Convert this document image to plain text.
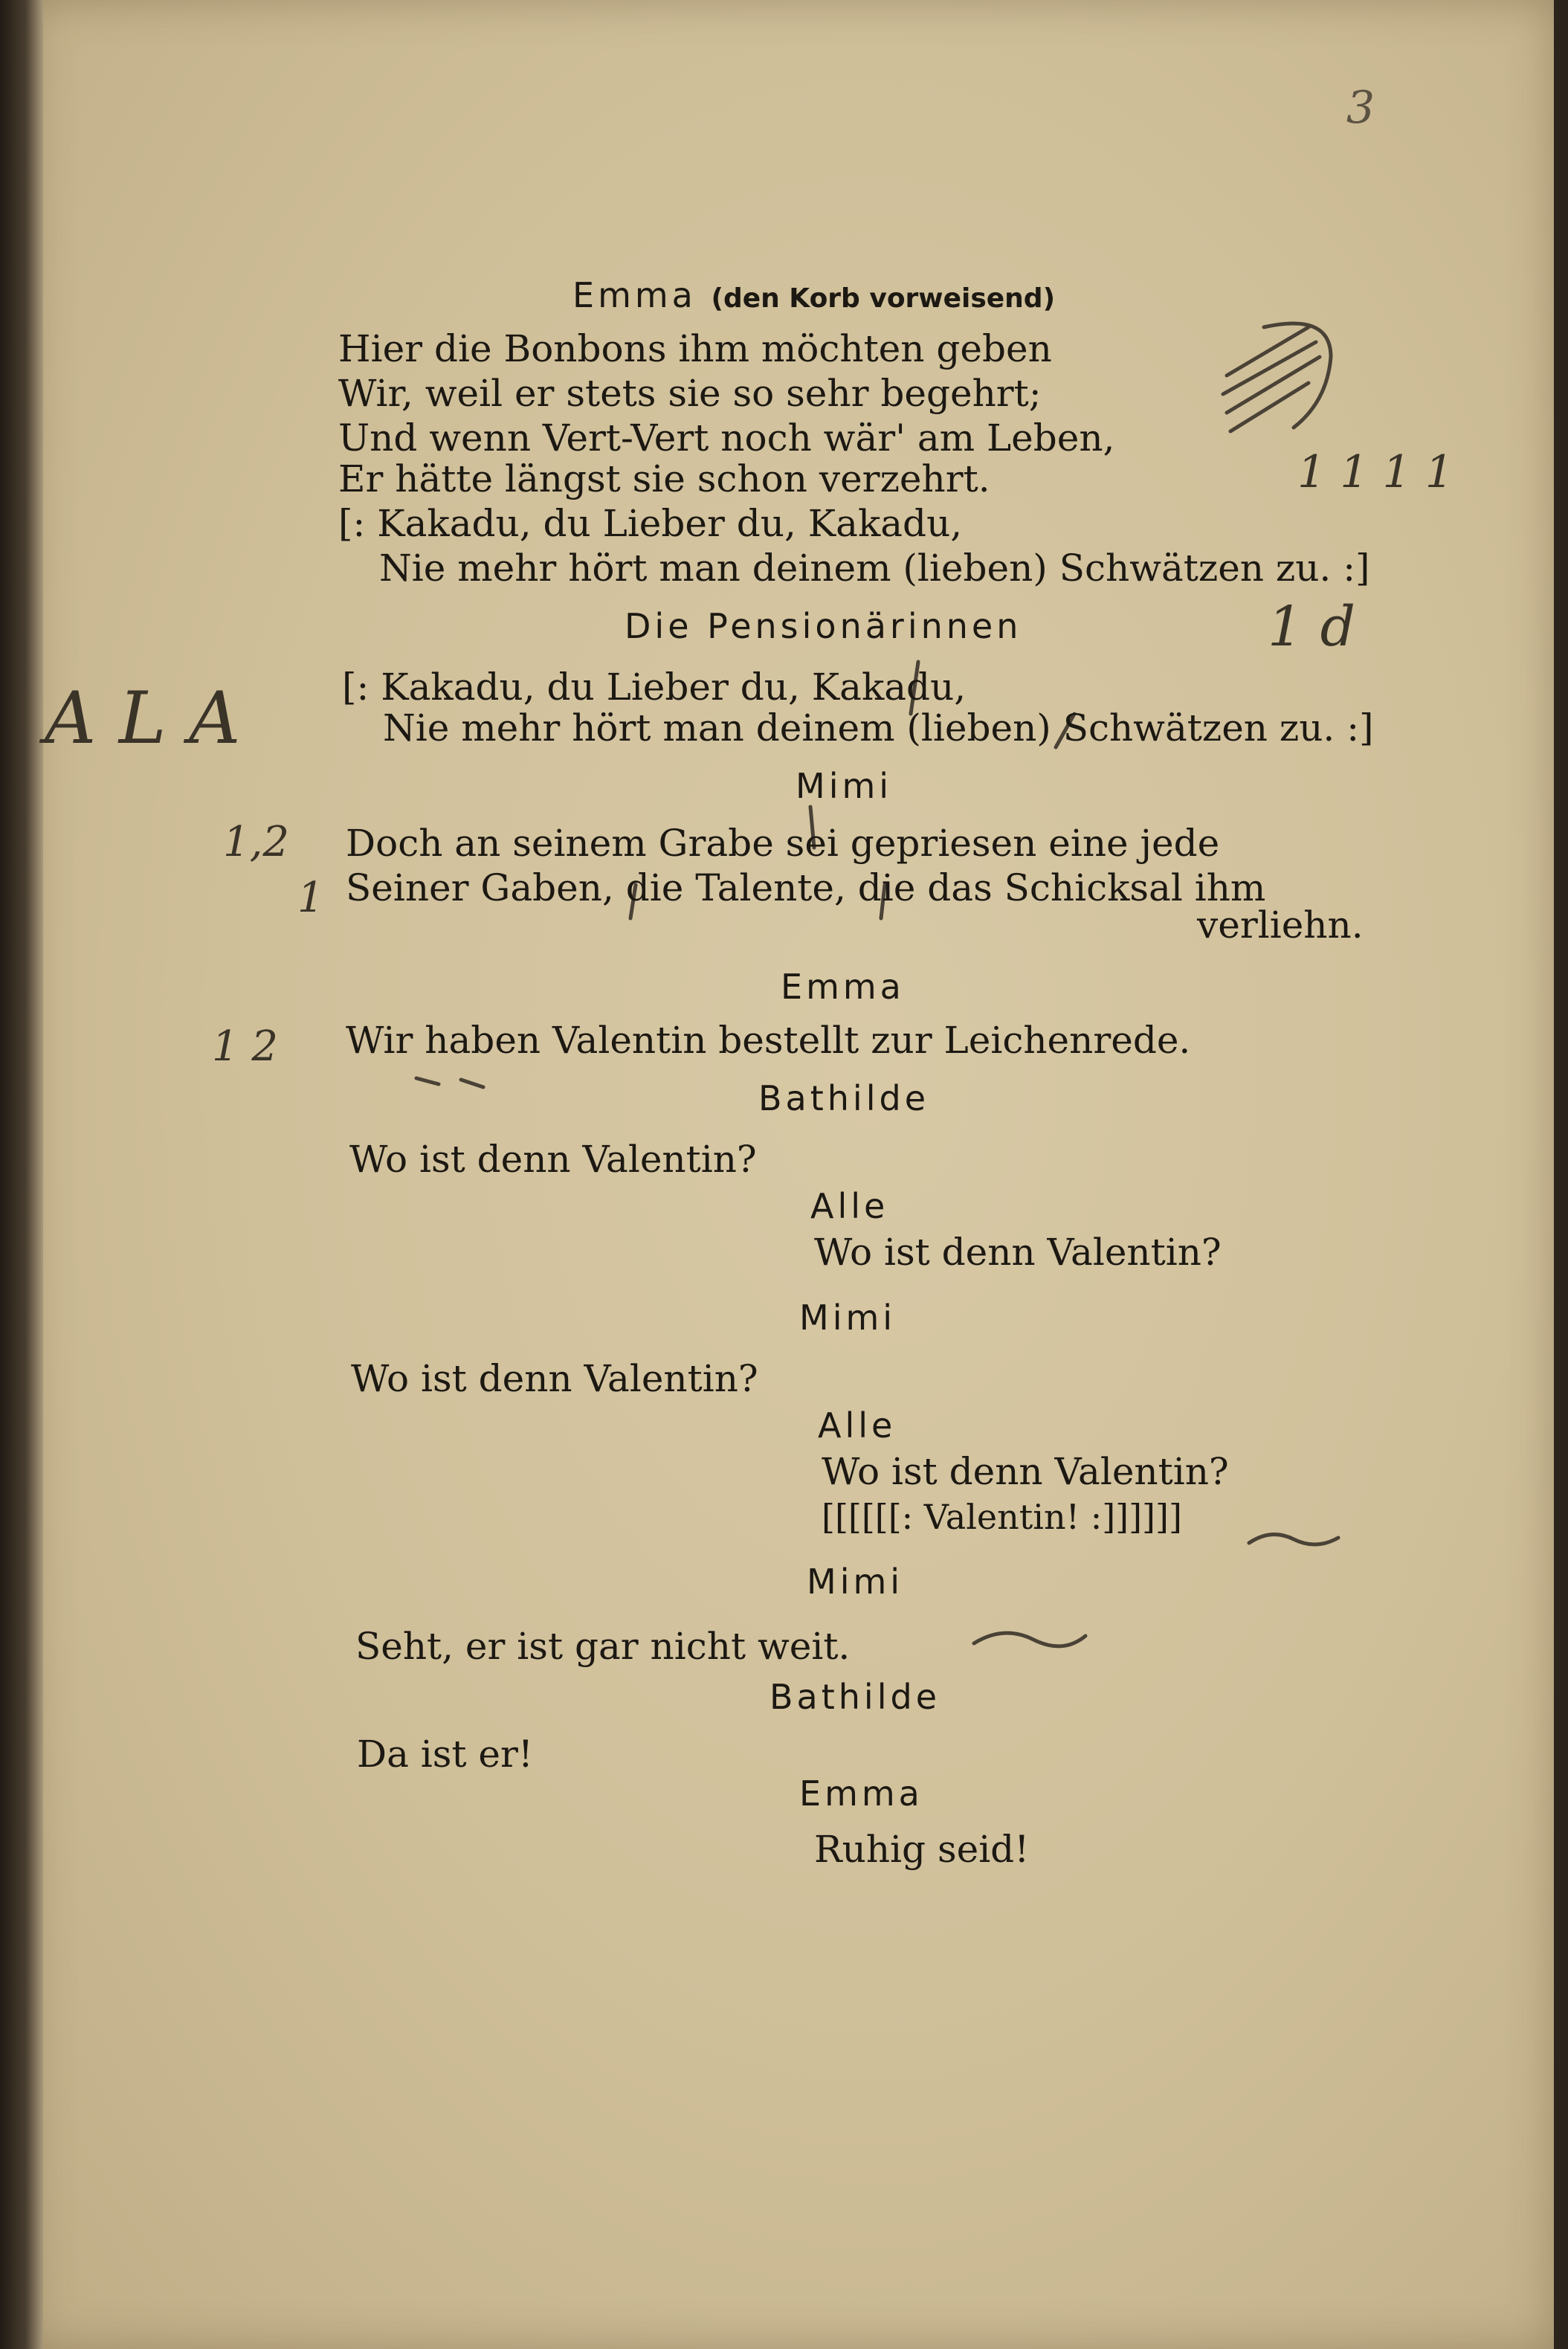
3
Emma (den Korb vorweisend)
Hier die Bonbons ihm möchten geben
Wir, weil er stets sie so sehr begehrt;
Und wenn Vert-Vert noch wär' am Leben,
Er hätte längst sie schon verzehrt.
[: Kakadu, du Lieber du, Kakadu,
Nie mehr hört man deinem (lieben) Schwätzen zu. :]
Die Pensionärinnen
[: Kakadu, du Lieber du, Kakadu,
Nie mehr hört man deinem (lieben) Schwätzen zu. :]
Mimi
Doch an seinem Grabe sei gepriesen eine jede
Seiner Gaben, die Talente, die das Schicksal ihm
verliehn.
Emma
Wir haben Valentin bestellt zur Leichenrede.
Bathilde
Wo ist denn Valentin?
Alle
Wo ist denn Valentin?
Mimi
Wo ist denn Valentin?
Alle
Wo ist denn Valentin?
[[[[[[: Valentin! :]]]]]]
Mimi
Seht, er ist gar nicht weit.
Bathilde
Da ist er!
Emma
Ruhig seid!
1 1 1 1
1 d
A L A
1,2
1
1 2
